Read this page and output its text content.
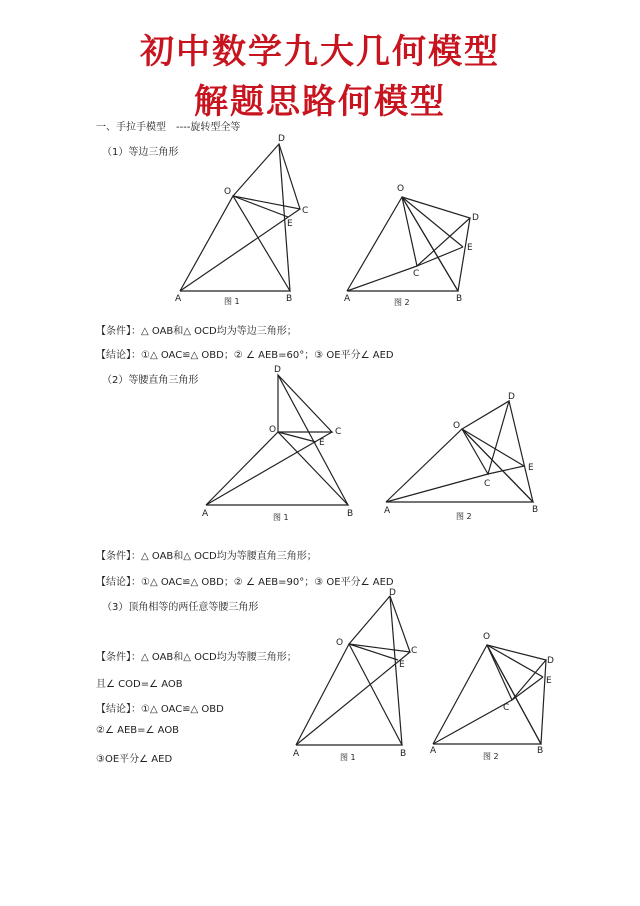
初中数学九大几何模型
解题思路何模型
一、手拉手模型　----旋转型全等
（1）等边三角形
【条件】：△ OAB和△ OCD均为等边三角形；
【结论】：①△ OAC≌△ OBD；② ∠ AEB=60°；③ OE平分∠ AED
（2）等腰直角三角形
【条件】：△ OAB和△ OCD均为等腰直角三角形；
【结论】：①△ OAC≌△ OBD；② ∠ AEB=90°；③ OE平分∠ AED
（3）顶角相等的两任意等腰三角形
【条件】：△ OAB和△ OCD均为等腰三角形；
且∠ COD=∠ AOB
【结论】：①△ OAC≌△ OBD
②∠ AEB=∠ AOB
③OE平分∠ AED
O
A	B
C
D
E
图 1
O
A	B
C
D
E
图 2
O
A	B
C
D
E
图 1
O
A	B
C
D
E
图 2
O
A	B
C
D
E
图 1
O
A	B
C
D
E
图 2
